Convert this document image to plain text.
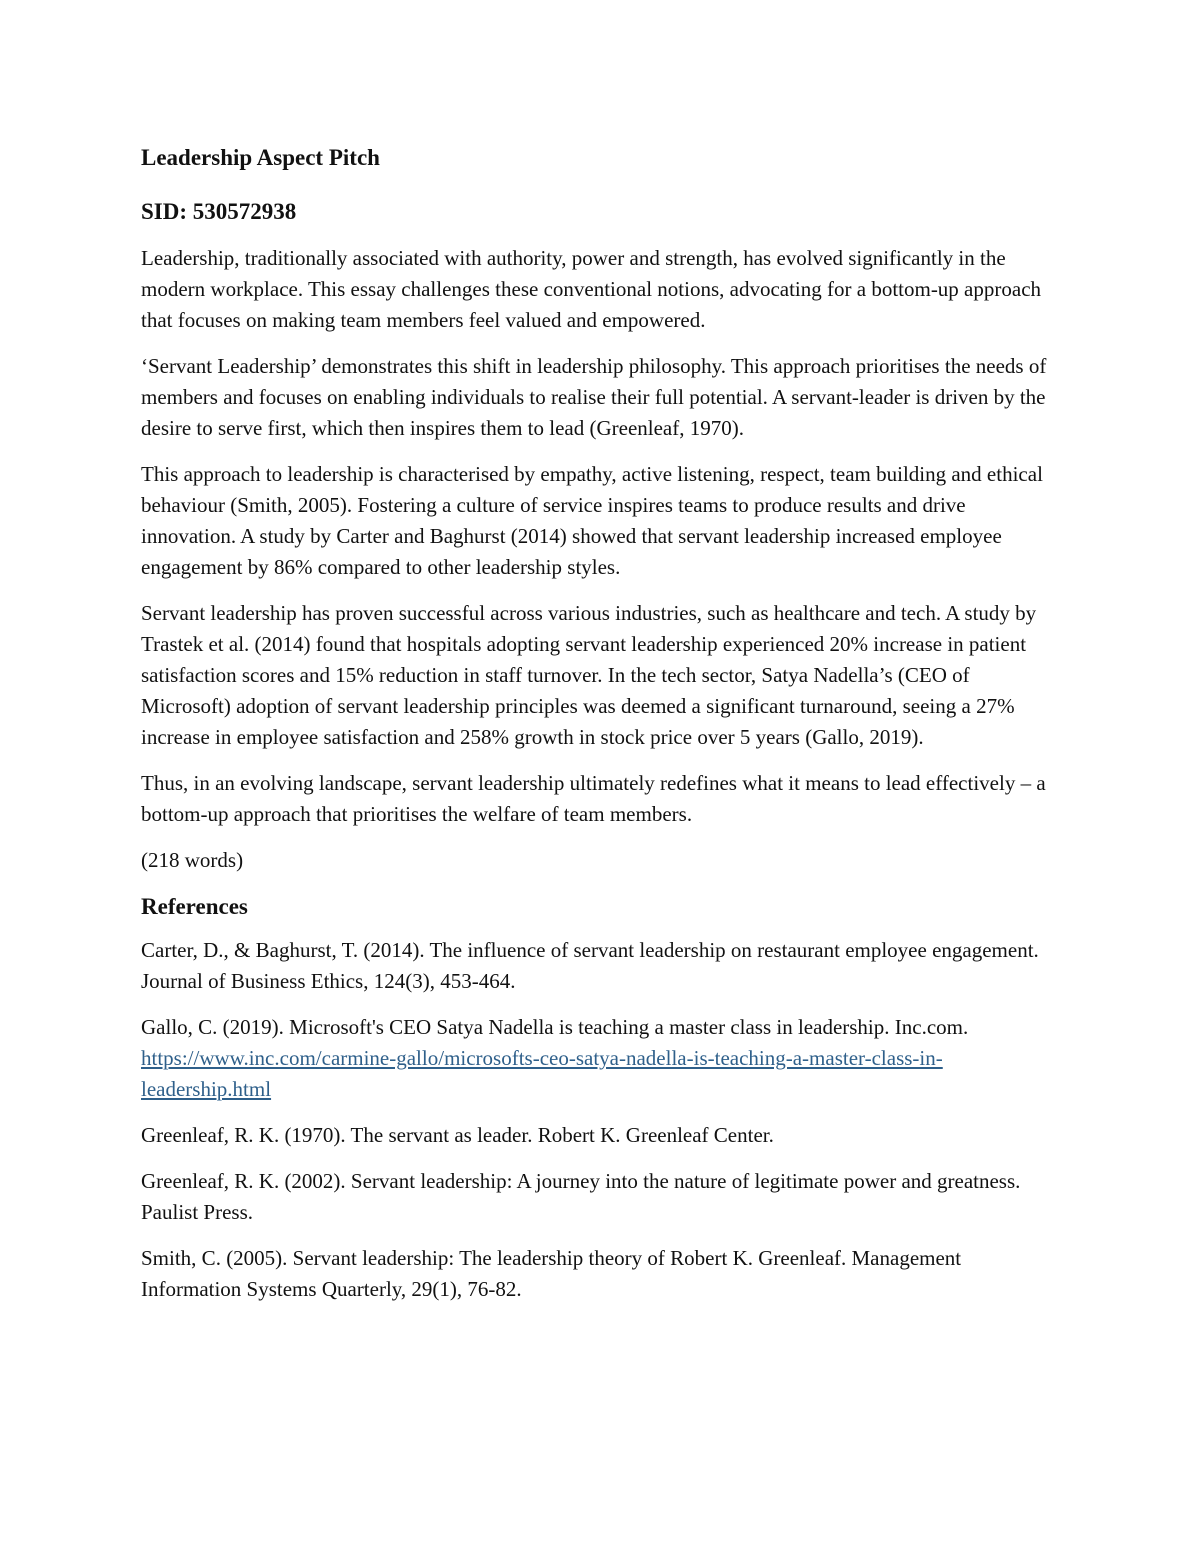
Leadership Aspect Pitch
SID: 530572938
Leadership, traditionally associated with authority, power and strength, has evolved significantly in the modern workplace. This essay challenges these conventional notions, advocating for a bottom-up approach that focuses on making team members feel valued and empowered.
‘Servant Leadership’ demonstrates this shift in leadership philosophy. This approach prioritises the needs of members and focuses on enabling individuals to realise their full potential. A servant-leader is driven by the desire to serve first, which then inspires them to lead (Greenleaf, 1970).
This approach to leadership is characterised by empathy, active listening, respect, team building and ethical behaviour (Smith, 2005). Fostering a culture of service inspires teams to produce results and drive innovation. A study by Carter and Baghurst (2014) showed that servant leadership increased employee engagement by 86% compared to other leadership styles.
Servant leadership has proven successful across various industries, such as healthcare and tech. A study by Trastek et al. (2014) found that hospitals adopting servant leadership experienced 20% increase in patient satisfaction scores and 15% reduction in staff turnover. In the tech sector, Satya Nadella’s (CEO of Microsoft) adoption of servant leadership principles was deemed a significant turnaround, seeing a 27% increase in employee satisfaction and 258% growth in stock price over 5 years (Gallo, 2019).
Thus, in an evolving landscape, servant leadership ultimately redefines what it means to lead effectively – a bottom-up approach that prioritises the welfare of team members.
(218 words)
References
Carter, D., & Baghurst, T. (2014). The influence of servant leadership on restaurant employee engagement. Journal of Business Ethics, 124(3), 453-464.
Gallo, C. (2019). Microsoft's CEO Satya Nadella is teaching a master class in leadership. Inc.com. https://www.inc.com/carmine-gallo/microsofts-ceo-satya-nadella-is-teaching-a-master-class-in-leadership.html
Greenleaf, R. K. (1970). The servant as leader. Robert K. Greenleaf Center.
Greenleaf, R. K. (2002). Servant leadership: A journey into the nature of legitimate power and greatness. Paulist Press.
Smith, C. (2005). Servant leadership: The leadership theory of Robert K. Greenleaf. Management Information Systems Quarterly, 29(1), 76-82.
